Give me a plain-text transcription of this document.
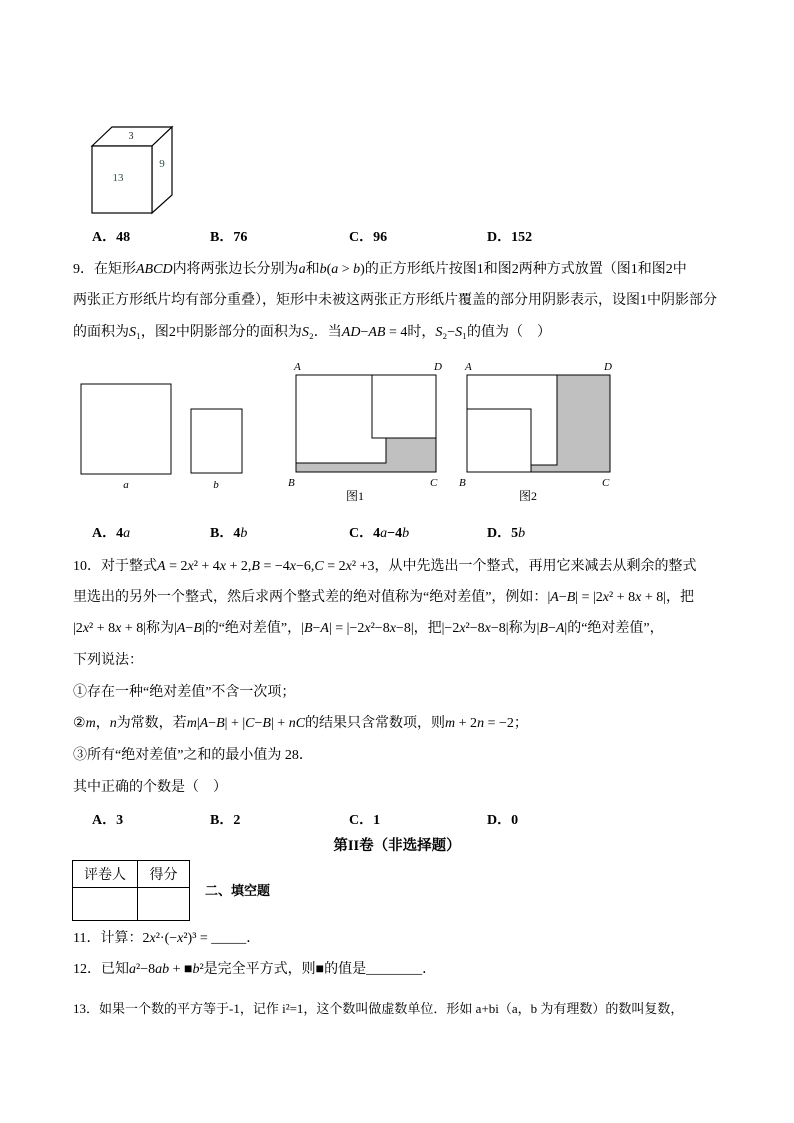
3
13
9
A．48	B．76	C．96	D．152
9．在矩形ABCD内将两张边长分别为a和b(a > b)的正方形纸片按图1和图2两种方式放置（图1和图2中
两张正方形纸片均有部分重叠），矩形中未被这两张正方形纸片覆盖的部分用阴影表示，设图1中阴影部分
的面积为S₁，图2中阴影部分的面积为S₂．当AD−AB = 4时，S₂−S₁的值为（　）
a	b
A	D
B	C
图1
A	D
B	C
图2
A．4a	B．4b	C．4a−4b	D．5b
10．对于整式A = 2x² + 4x + 2,B = −4x−6,C = 2x² +3，从中先选出一个整式，再用它来减去从剩余的整式
里选出的另外一个整式，然后求两个整式差的绝对值称为“绝对差值”，例如：|A−B| = |2x² + 8x + 8|，把
|2x² + 8x + 8|称为|A−B|的“绝对差值”，|B−A| = |−2x²−8x−8|，把|−2x²−8x−8|称为|B−A|的“绝对差值”，
下列说法：
①存在一种“绝对差值”不含一次项；
②m，n为常数，若m|A−B| + |C−B| + nC的结果只含常数项，则m + 2n = −2；
③所有“绝对差值”之和的最小值为 28．
其中正确的个数是（　）
A．3	B．2	C．1	D．0
第II卷（非选择题）
评卷人	得分

二、填空题
11．计算：2x²·(−x²)³ = _____．
12．已知a²−8ab + ■b²是完全平方式，则■的值是________．
13．如果一个数的平方等于-1，记作 i²=1，这个数叫做虚数单位．形如 a+bi（a，b 为有理数）的数叫复数，
